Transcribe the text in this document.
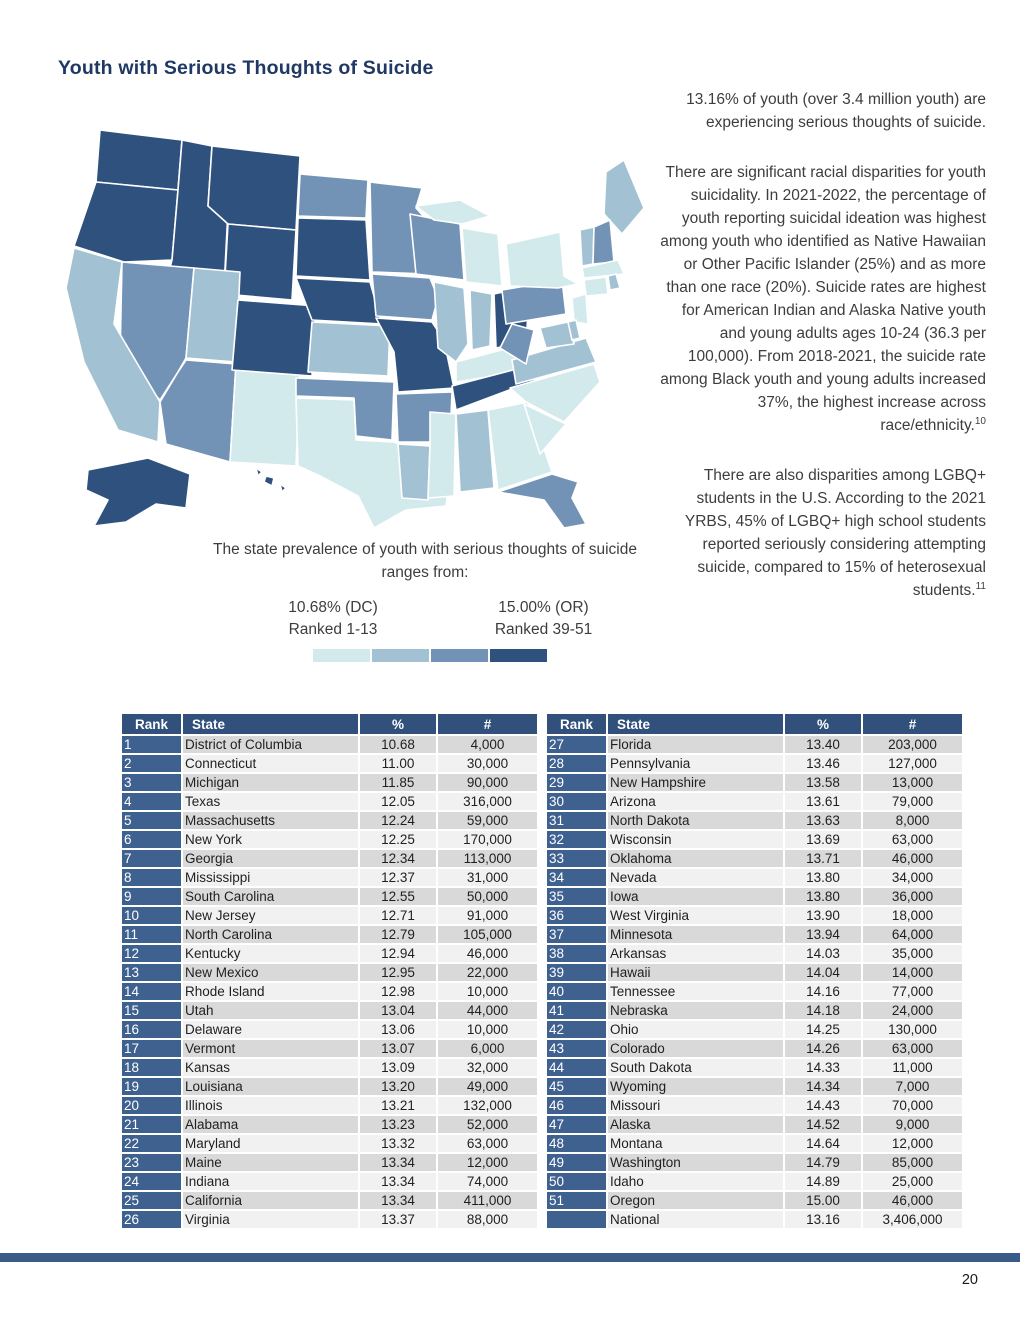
Youth with Serious Thoughts of Suicide

13.16% of youth (over 3.4 million youth) are experiencing serious thoughts of suicide.

There are significant racial disparities for youth suicidality. In 2021-2022, the percentage of youth reporting suicidal ideation was highest among youth who identified as Native Hawaiian or Other Pacific Islander (25%) and as more than one race (20%). Suicide rates are highest for American Indian and Alaska Native youth and young adults ages 10-24 (36.3 per 100,000). From 2018-2021, the suicide rate among Black youth and young adults increased 37%, the highest increase across race/ethnicity.$^{10}$

There are also disparities among LGBQ+ students in the U.S. According to the 2021 YRBS, 45% of LGBQ+ high school students reported seriously considering attempting suicide, compared to 15% of heterosexual students.$^{11}$

The state prevalence of youth with serious thoughts of suicide ranges from:
10.68% (DC)
Ranked 1-13
15.00% (OR)
Ranked 39-51
Rank	State	%	#
1	District of Columbia	10.68	4,000
2	Connecticut	11.00	30,000
3	Michigan	11.85	90,000
4	Texas	12.05	316,000
5	Massachusetts	12.24	59,000
6	New York	12.25	170,000
7	Georgia	12.34	113,000
8	Mississippi	12.37	31,000
9	South Carolina	12.55	50,000
10	New Jersey	12.71	91,000
11	North Carolina	12.79	105,000
12	Kentucky	12.94	46,000
13	New Mexico	12.95	22,000
14	Rhode Island	12.98	10,000
15	Utah	13.04	44,000
16	Delaware	13.06	10,000
17	Vermont	13.07	6,000
18	Kansas	13.09	32,000
19	Louisiana	13.20	49,000
20	Illinois	13.21	132,000
21	Alabama	13.23	52,000
22	Maryland	13.32	63,000
23	Maine	13.34	12,000
24	Indiana	13.34	74,000
25	California	13.34	411,000
26	Virginia	13.37	88,000
Rank	State	%	#
27	Florida	13.40	203,000
28	Pennsylvania	13.46	127,000
29	New Hampshire	13.58	13,000
30	Arizona	13.61	79,000
31	North Dakota	13.63	8,000
32	Wisconsin	13.69	63,000
33	Oklahoma	13.71	46,000
34	Nevada	13.80	34,000
35	Iowa	13.80	36,000
36	West Virginia	13.90	18,000
37	Minnesota	13.94	64,000
38	Arkansas	14.03	35,000
39	Hawaii	14.04	14,000
40	Tennessee	14.16	77,000
41	Nebraska	14.18	24,000
42	Ohio	14.25	130,000
43	Colorado	14.26	63,000
44	South Dakota	14.33	11,000
45	Wyoming	14.34	7,000
46	Missouri	14.43	70,000
47	Alaska	14.52	9,000
48	Montana	14.64	12,000
49	Washington	14.79	85,000
50	Idaho	14.89	25,000
51	Oregon	15.00	46,000
	National	13.16	3,406,000
20
